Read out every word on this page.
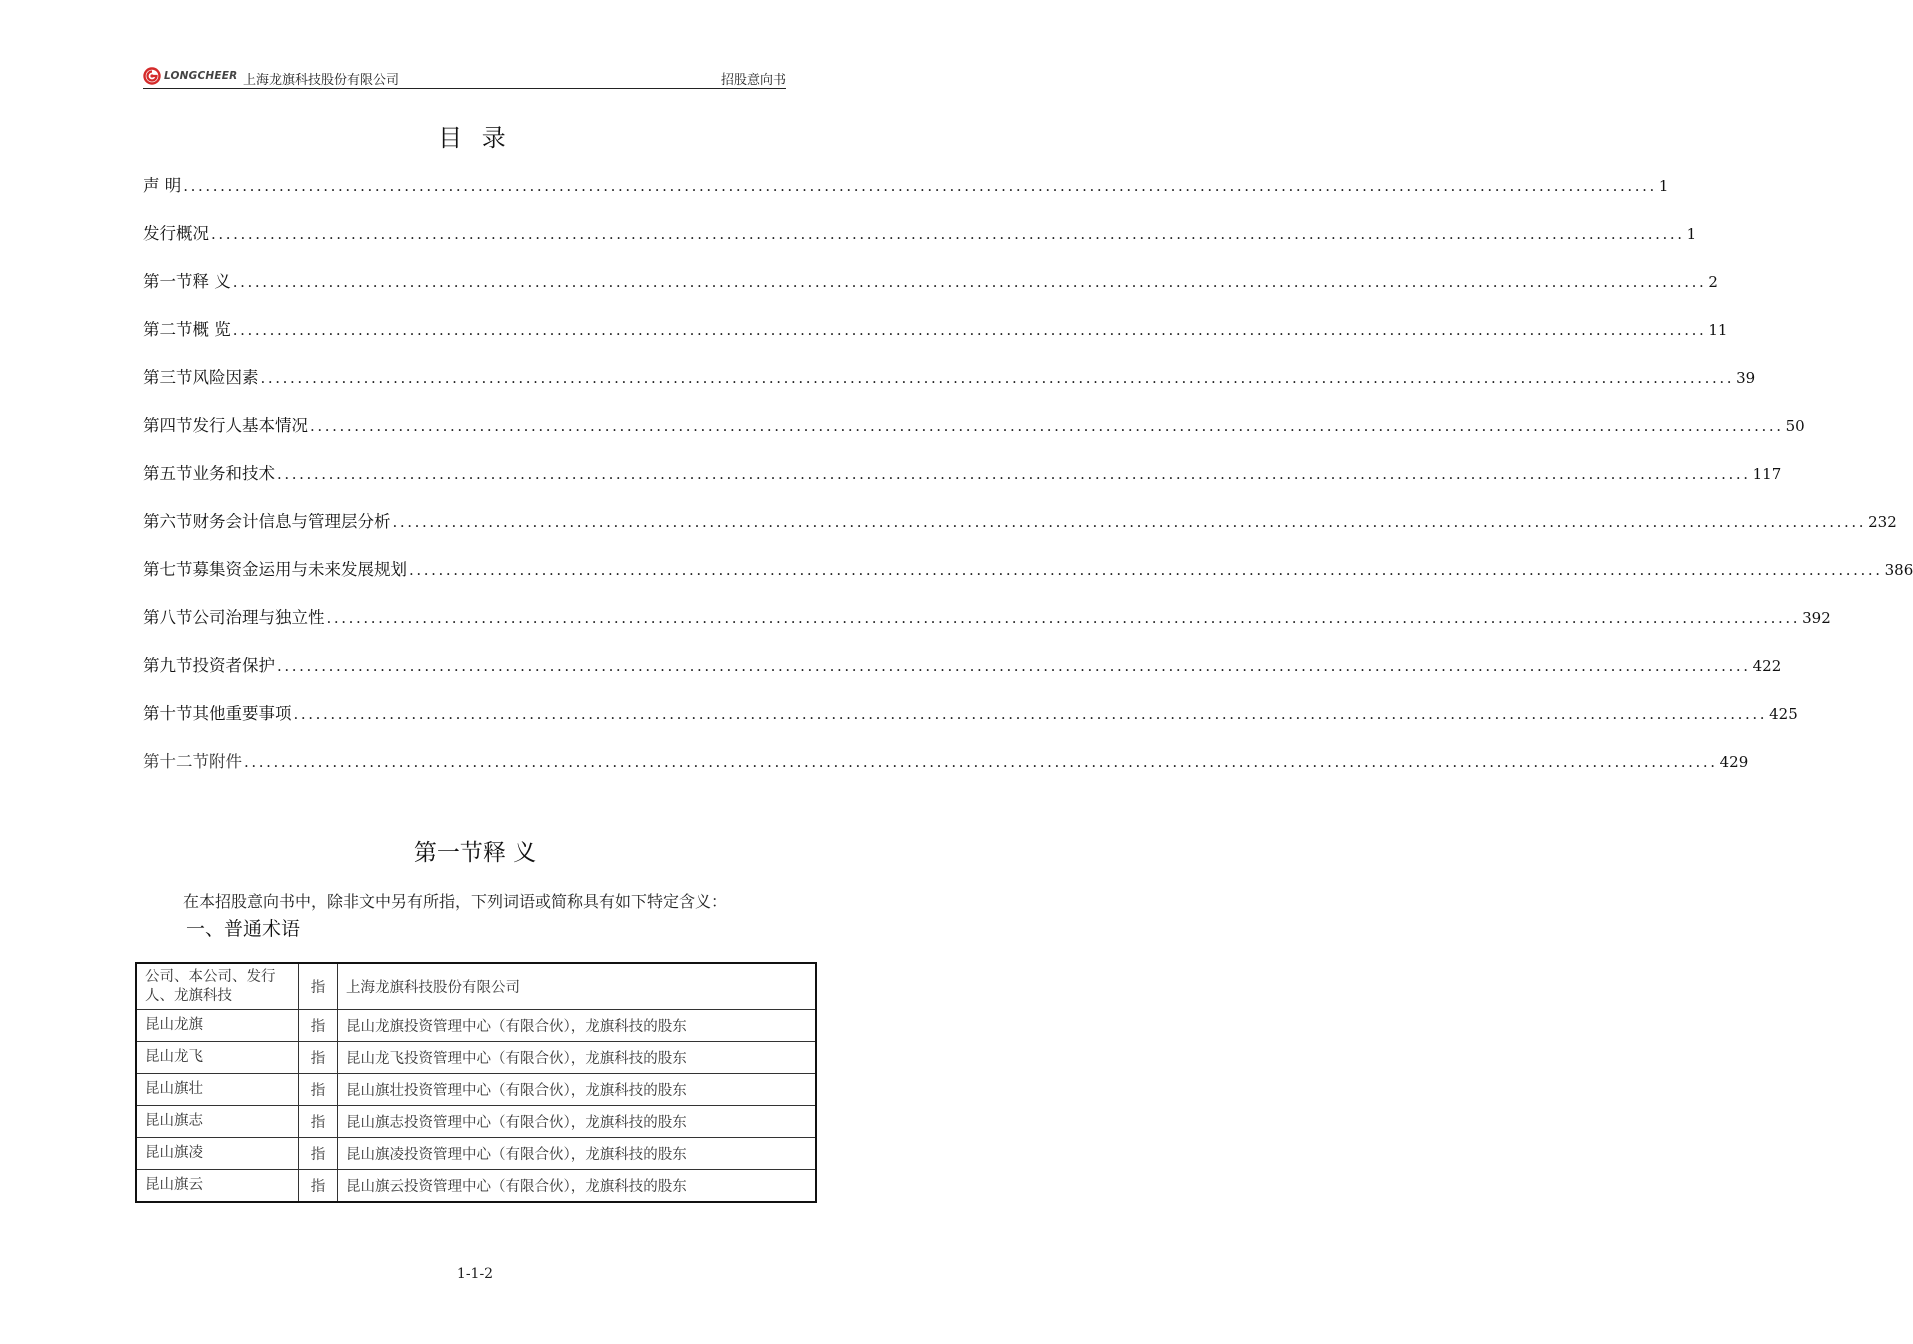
LONGCHEER 上海龙旗科技股份有限公司	招股意向书
目 录
声 明 ........................................................................................................................................................................................................ 1
发行概况 ........................................................................................................................................................................................................ 1
第一节释 义 ........................................................................................................................................................................................................ 2
第二节概 览 ........................................................................................................................................................................................................ 11
第三节风险因素 ........................................................................................................................................................................................................ 39
第四节发行人基本情况 ........................................................................................................................................................................................................ 50
第五节业务和技术 ........................................................................................................................................................................................................ 117
第六节财务会计信息与管理层分析 ........................................................................................................................................................................................................ 232
第七节募集资金运用与未来发展规划 ........................................................................................................................................................................................................ 386
第八节公司治理与独立性 ........................................................................................................................................................................................................ 392
第九节投资者保护 ........................................................................................................................................................................................................ 422
第十节其他重要事项 ........................................................................................................................................................................................................ 425
第十二节附件 ........................................................................................................................................................................................................ 429
第一节释 义
在本招股意向书中，除非文中另有所指，下列词语或简称具有如下特定含义：
一、普通术语
公司、本公司、发行人、龙旗科技	指	上海龙旗科技股份有限公司
昆山龙旗	指	昆山龙旗投资管理中心（有限合伙），龙旗科技的股东
昆山龙飞	指	昆山龙飞投资管理中心（有限合伙），龙旗科技的股东
昆山旗壮	指	昆山旗壮投资管理中心（有限合伙），龙旗科技的股东
昆山旗志	指	昆山旗志投资管理中心（有限合伙），龙旗科技的股东
昆山旗凌	指	昆山旗凌投资管理中心（有限合伙），龙旗科技的股东
昆山旗云	指	昆山旗云投资管理中心（有限合伙），龙旗科技的股东
1-1-2
